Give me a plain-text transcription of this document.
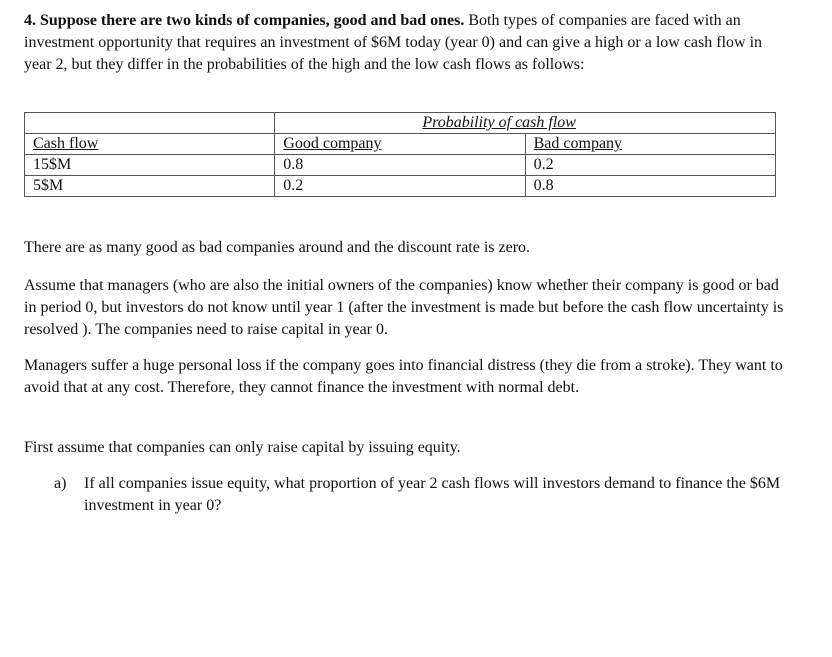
4. Suppose there are two kinds of companies, good and bad ones. Both types of companies are faced with an investment opportunity that requires an investment of $6M today (year 0) and can give a high or a low cash flow in year 2, but they differ in the probabilities of the high and the low cash flows as follows:

	Probability of cash flow	
Cash flow	Good company	Bad company
15$M	0.8	0.2
5$M	0.2	0.8

There are as many good as bad companies around and the discount rate is zero.

Assume that managers (who are also the initial owners of the companies) know whether their company is good or bad in period 0, but investors do not know until year 1 (after the investment is made but before the cash flow uncertainty is resolved ). The companies need to raise capital in year 0.

Managers suffer a huge personal loss if the company goes into financial distress (they die from a stroke). They want to avoid that at any cost. Therefore, they cannot finance the investment with normal debt.

First assume that companies can only raise capital by issuing equity.

a)	If all companies issue equity, what proportion of year 2 cash flows will investors demand to finance the $6M investment in year 0?
